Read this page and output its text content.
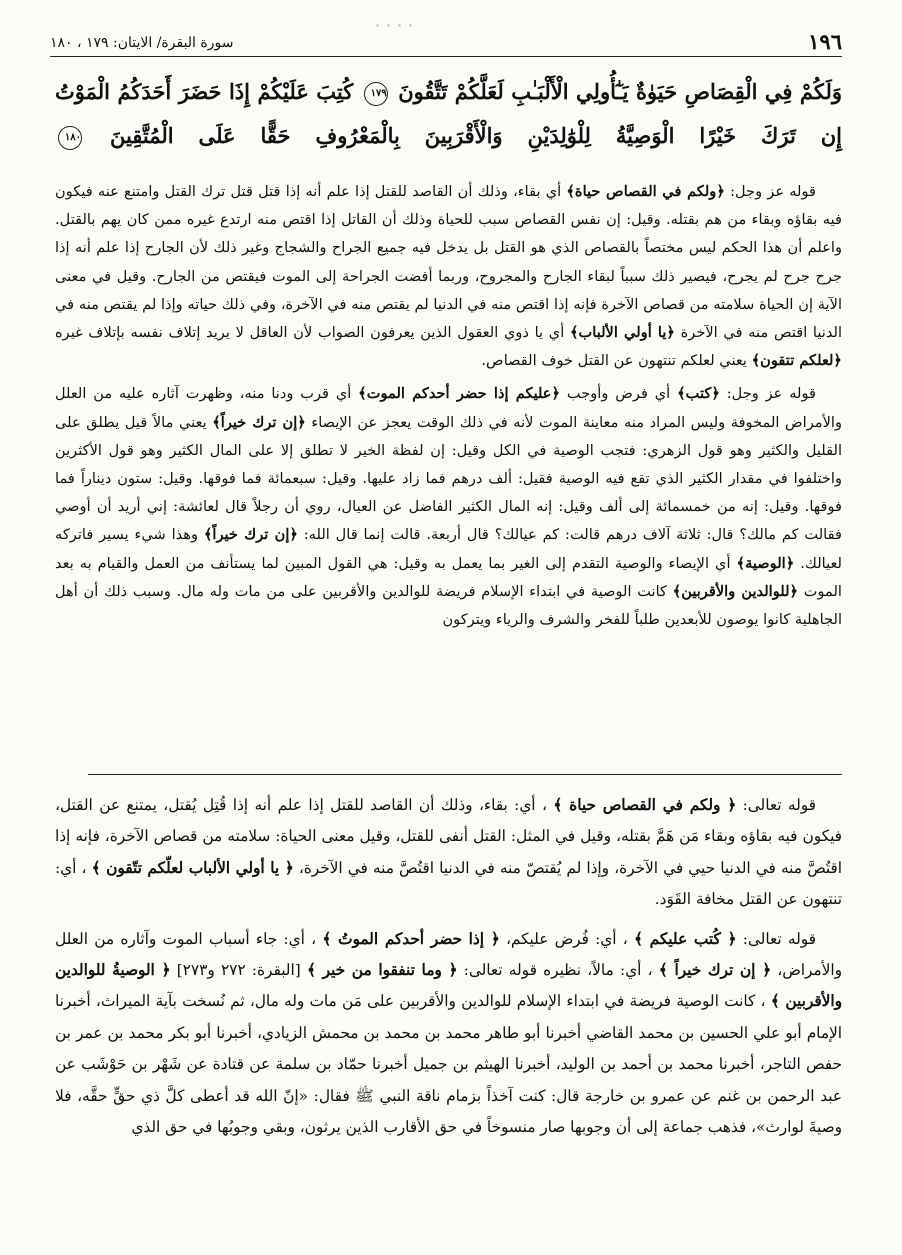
١٩٦
سورة البقرة/ الايتان: ١٧٩ ، ١٨٠
وَلَكُمْ فِي الْقِصَاصِ حَيَوٰةٌ يَـٰٓأُولِي الْأَلْبَـٰبِ لَعَلَّكُمْ تَتَّقُونَ ١٧٩ كُتِبَ عَلَيْكُمْ إِذَا حَضَرَ أَحَدَكُمُ الْمَوْتُ
إِن تَرَكَ خَيْرًا الْوَصِيَّةُ لِلْوَٰلِدَيْنِ وَالْأَقْرَبِينَ بِالْمَعْرُوفِ حَقًّا عَلَى الْمُتَّقِينَ ١٨٠

قوله عز وجل: ﴿ولكم في القصاص حياة﴾ أي بقاء، وذلك أن القاصد للقتل إذا علم أنه إذا قتل قتل ترك القتل وامتنع عنه فيكون فيه بقاؤه وبقاء من هم بقتله. وقيل: إن نفس القصاص سبب للحياة وذلك أن القاتل إذا اقتص منه ارتدع غيره ممن كان يهم بالقتل. واعلم أن هذا الحكم ليس مختصاً بالقصاص الذي هو القتل بل يدخل فيه جميع الجراح والشجاج وغير ذلك لأن الجارح إذا علم أنه إذا جرح جرح لم يجرح، فيصير ذلك سبباً لبقاء الجارح والمجروح، وربما أفضت الجراحة إلى الموت فيقتص من الجارح. وقيل في معنى الآية إن الحياة سلامته من قصاص الآخرة فإنه إذا اقتص منه في الدنيا لم يقتص منه في الآخرة، وفي ذلك حياته وإذا لم يقتص منه في الدنيا اقتص منه في الآخرة ﴿يا أولي الألباب﴾ أي يا ذوي العقول الذين يعرفون الصواب لأن العاقل لا يريد إتلاف نفسه بإتلاف غيره ﴿لعلكم تتقون﴾ يعني لعلكم تنتهون عن القتل خوف القصاص.

قوله عز وجل: ﴿كتب﴾ أي فرض وأوجب ﴿عليكم إذا حضر أحدكم الموت﴾ أي قرب ودنا منه، وظهرت آثاره عليه من العلل والأمراض المخوفة وليس المراد منه معاينة الموت لأنه في ذلك الوقت يعجز عن الإيصاء ﴿إن ترك خيراً﴾ يعني مالاً قيل يطلق على القليل والكثير وهو قول الزهري: فتجب الوصية في الكل وقيل: إن لفظة الخير لا تطلق إلا على المال الكثير وهو قول الأكثرين واختلفوا في مقدار الكثير الذي تقع فيه الوصية فقيل: ألف درهم فما زاد عليها. وقيل: سبعمائة فما فوقها. وقيل: ستون ديناراً فما فوقها. وقيل: إنه من خمسمائة إلى ألف وقيل: إنه المال الكثير الفاضل عن العيال، روي أن رجلاً قال لعائشة: إني أريد أن أوصي فقالت كم مالك؟ قال: ثلاثة آلاف درهم قالت: كم عيالك؟ قال أربعة. قالت إنما قال الله: ﴿إن ترك خيراً﴾ وهذا شيء يسير فاتركه لعيالك. ﴿الوصية﴾ أي الإيصاء والوصية التقدم إلى الغير بما يعمل به وقيل: هي القول المبين لما يستأنف من العمل والقيام به بعد الموت ﴿للوالدين والأقربين﴾ كانت الوصية في ابتداء الإسلام فريضة للوالدين والأقربين على من مات وله مال. وسبب ذلك أن أهل الجاهلية كانوا يوصون للأبعدين طلباً للفخر والشرف والرياء ويتركون

قوله تعالى: ﴿ ولكم في القصاص حياة ﴾ ، أي: بقاء، وذلك أن القاصد للقتل إذا علم أنه إذا قُتِل يُقتل، يمتنع عن القتل، فيكون فيه بقاؤه وبقاء مَن هَمَّ بقتله، وقيل في المثل: القتل أنفى للقتل، وقيل معنى الحياة: سلامته من قصاص الآخرة، فإنه إذا اقتُصَّ منه في الدنيا حيي في الآخرة، وإذا لم يُقتصّ منه في الدنيا اقتُصَّ منه في الآخرة، ﴿ يا أولي الألباب لعلّكم تتّقون ﴾ ، أي: تنتهون عن القتل مخافة القَوَد.

قوله تعالى: ﴿ كُتب عليكم ﴾ ، أي: فُرض عليكم، ﴿ إذا حضر أحدكم الموتُ ﴾ ، أي: جاء أسباب الموت وآثاره من العلل والأمراض، ﴿ إن ترك خيراً ﴾ ، أي: مالاً، نظيره قوله تعالى: ﴿ وما تنفقوا من خير ﴾ [البقرة: ٢٧٢ و٢٧٣] ﴿ الوصيةُ للوالدين والأقربين ﴾ ، كانت الوصية فريضة في ابتداء الإسلام للوالدين والأقربين على مَن مات وله مال، ثم نُسخت بآية الميراث، أخبرنا الإمام أبو علي الحسين بن محمد القاضي أخبرنا أبو طاهر محمد بن محمد بن محمش الزيادي، أخبرنا أبو بكر محمد بن عمر بن حفص التاجر، أخبرنا محمد بن أحمد بن الوليد، أخبرنا الهيثم بن جميل أخبرنا حمّاد بن سلمة عن قتادة عن شَهْر بن حَوْشَب عن عبد الرحمن بن غنم عن عمرو بن خارجة قال: كنت آخذاً بزمام ناقة النبي ﷺ فقال: «إنّ الله قد أعطى كلَّ ذي حقٍّ حقَّه، فلا وصيةَ لوارث»، فذهب جماعة إلى أن وجوبها صار منسوخاً في حق الأقارب الذين يرثون، وبقي وجوبُها في حق الذي
